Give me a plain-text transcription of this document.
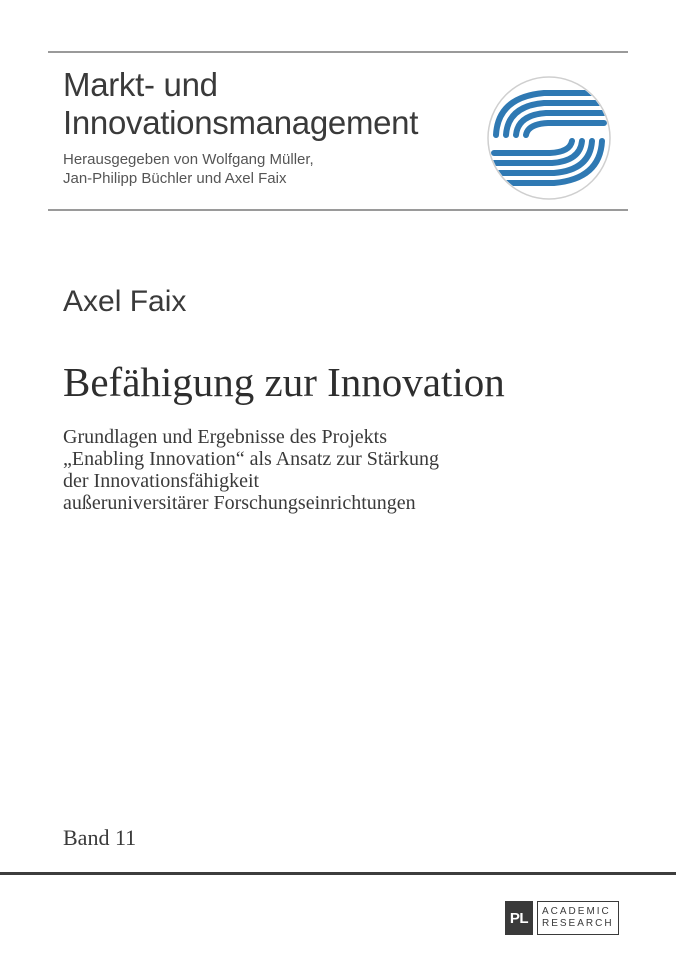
Markt- und
Innovationsmanagement
Herausgegeben von Wolfgang Müller,
Jan-Philipp Büchler und Axel Faix
Axel Faix
Befähigung zur Innovation
Grundlagen und Ergebnisse des Projekts
„Enabling Innovation“ als Ansatz zur Stärkung
der Innovationsfähigkeit
außeruniversitärer Forschungseinrichtungen
Band 11
PL	ACADEMIC
RESEARCH
